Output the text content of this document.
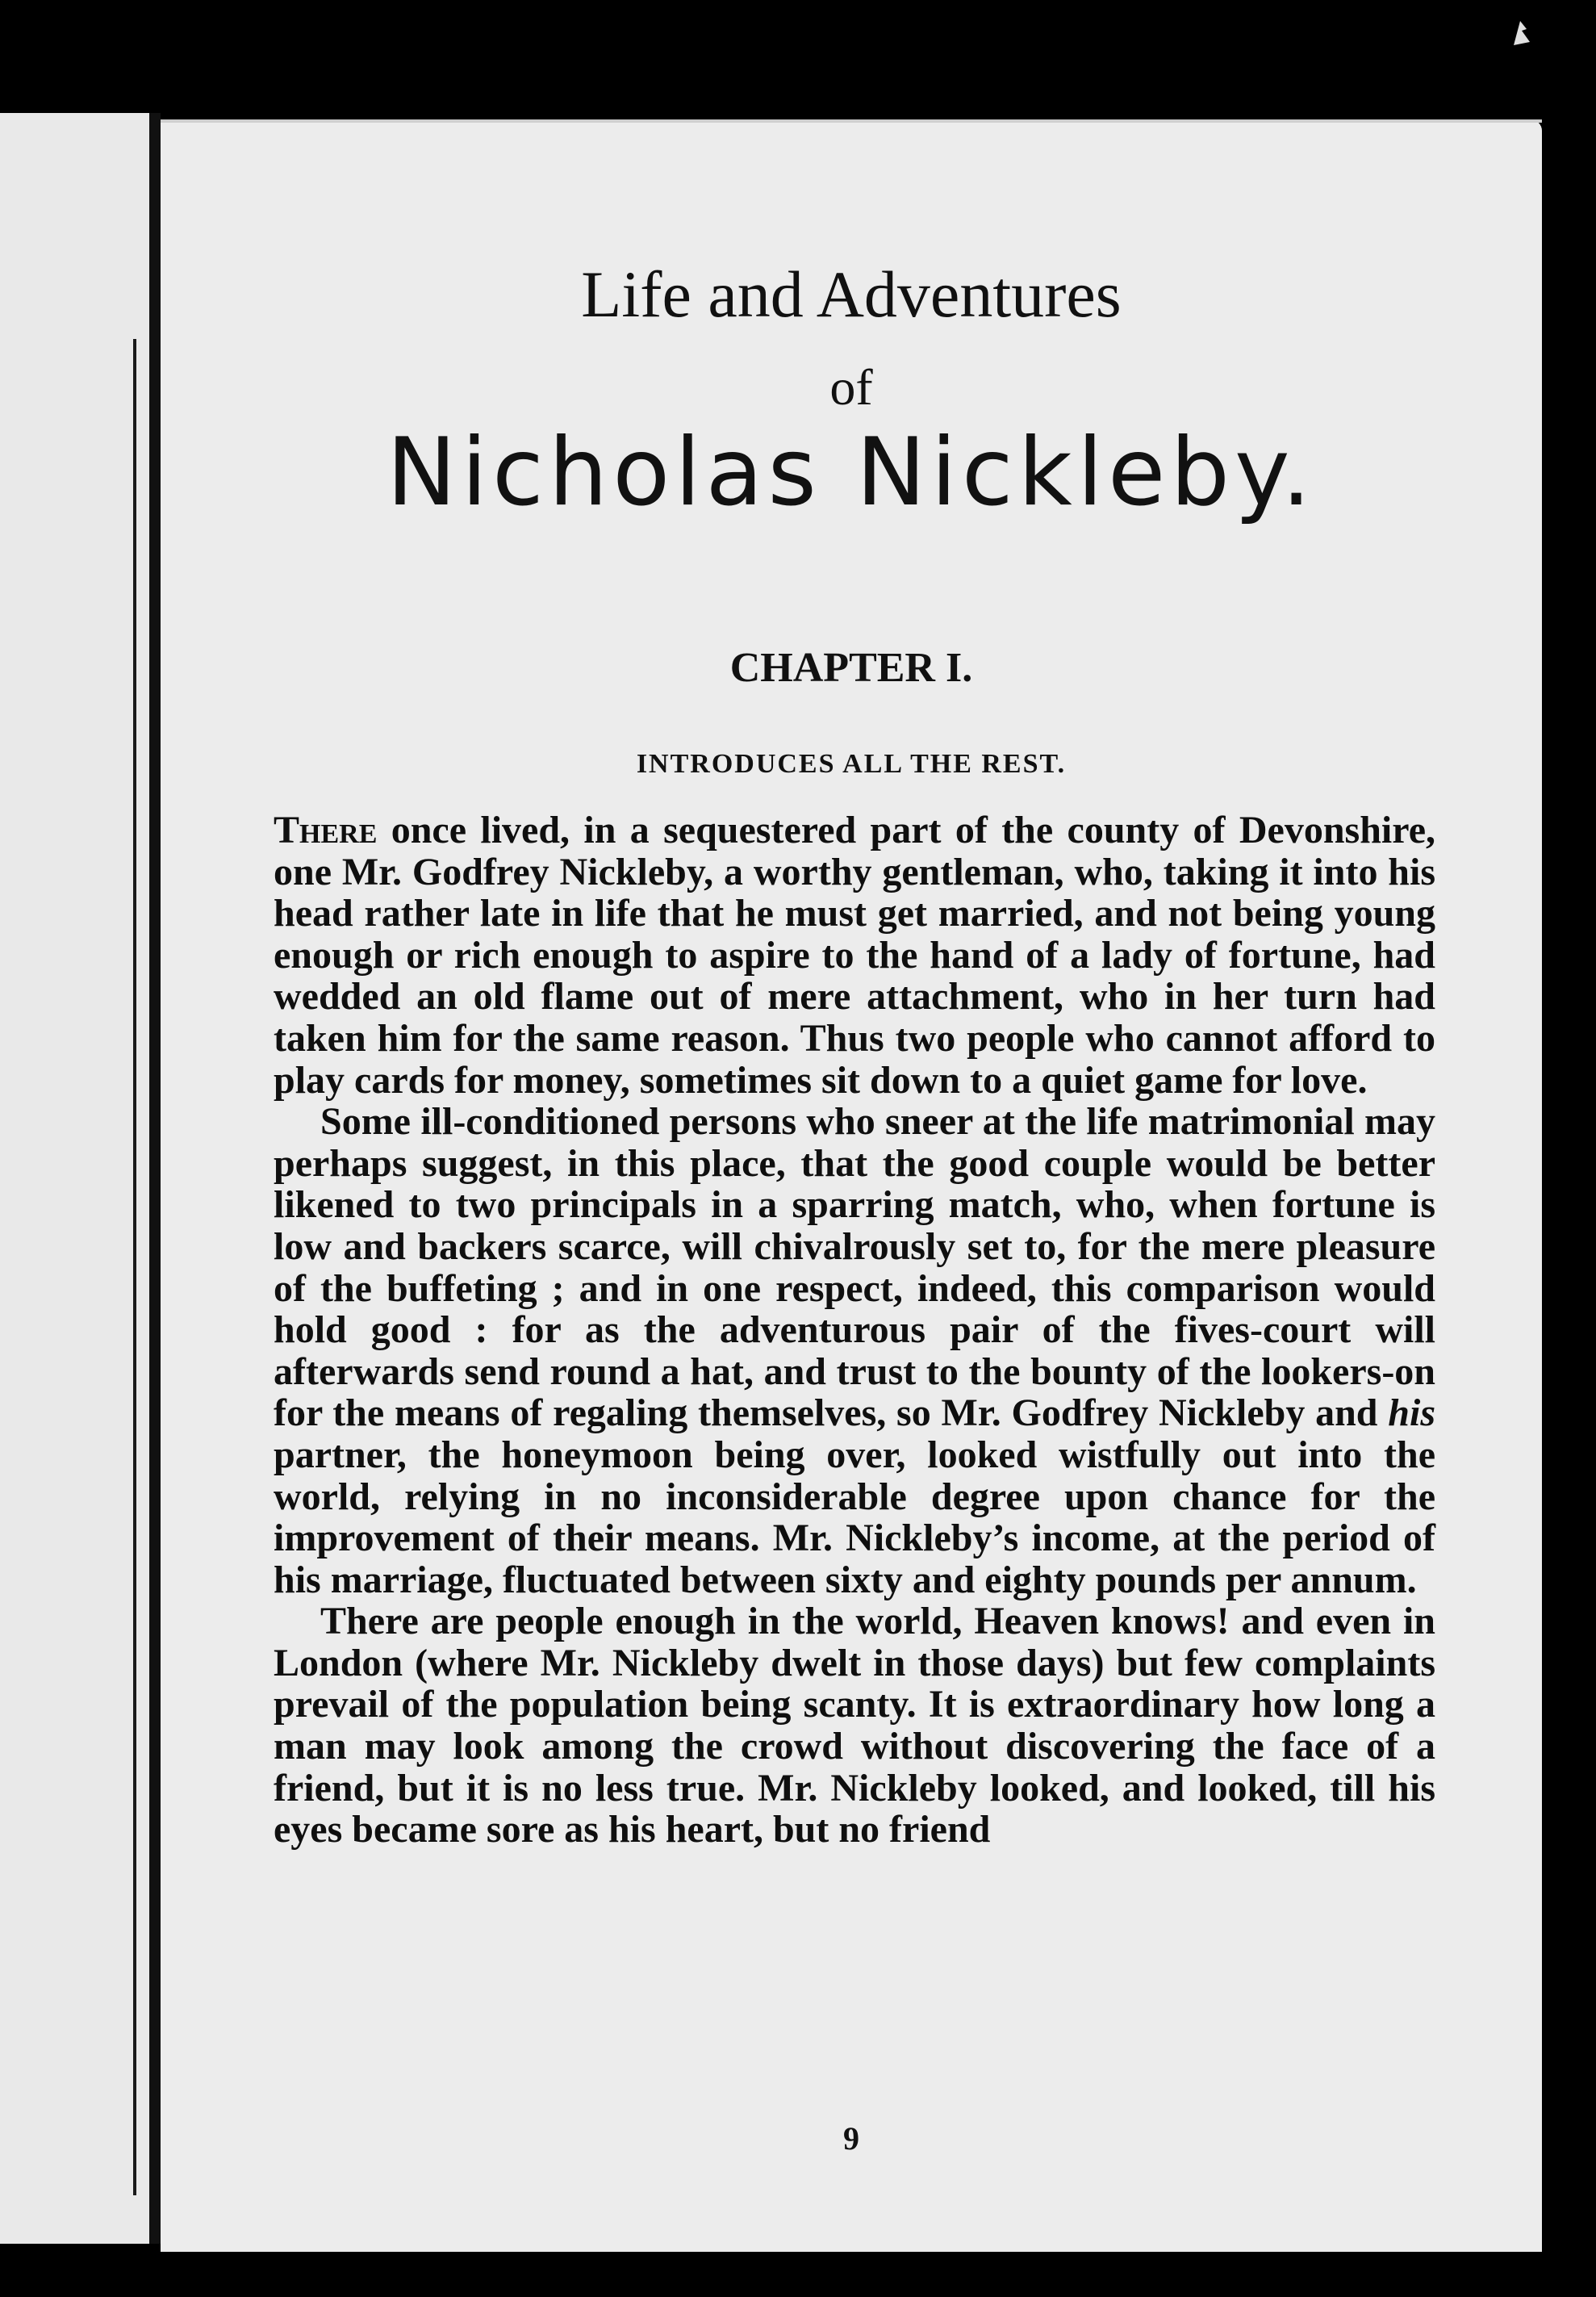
Life and Adventures
of
Nicholas Nickleby.
CHAPTER I.
INTRODUCES ALL THE REST.

There once lived, in a sequestered part of the county of Devonshire, one Mr. Godfrey Nickleby, a worthy gentleman, who, taking it into his head rather late in life that he must get married, and not being young enough or rich enough to aspire to the hand of a lady of fortune, had wedded an old flame out of mere attachment, who in her turn had taken him for the same reason. Thus two people who cannot afford to play cards for money, sometimes sit down to a quiet game for love.

Some ill-conditioned persons who sneer at the life matrimonial may perhaps suggest, in this place, that the good couple would be better likened to two principals in a sparring match, who, when fortune is low and backers scarce, will chivalrously set to, for the mere pleasure of the buffeting ; and in one respect, indeed, this comparison would hold good : for as the adventurous pair of the fives-court will afterwards send round a hat, and trust to the bounty of the lookers-on for the means of regaling themselves, so Mr. Godfrey Nickleby and his partner, the honeymoon being over, looked wistfully out into the world, relying in no inconsiderable degree upon chance for the improvement of their means. Mr. Nickleby’s income, at the period of his marriage, fluctuated between sixty and eighty pounds per annum.

There are people enough in the world, Heaven knows! and even in London (where Mr. Nickleby dwelt in those days) but few complaints prevail of the population being scanty. It is extraordinary how long a man may look among the crowd without discovering the face of a friend, but it is no less true. Mr. Nickleby looked, and looked, till his eyes became sore as his heart, but no friend

9
